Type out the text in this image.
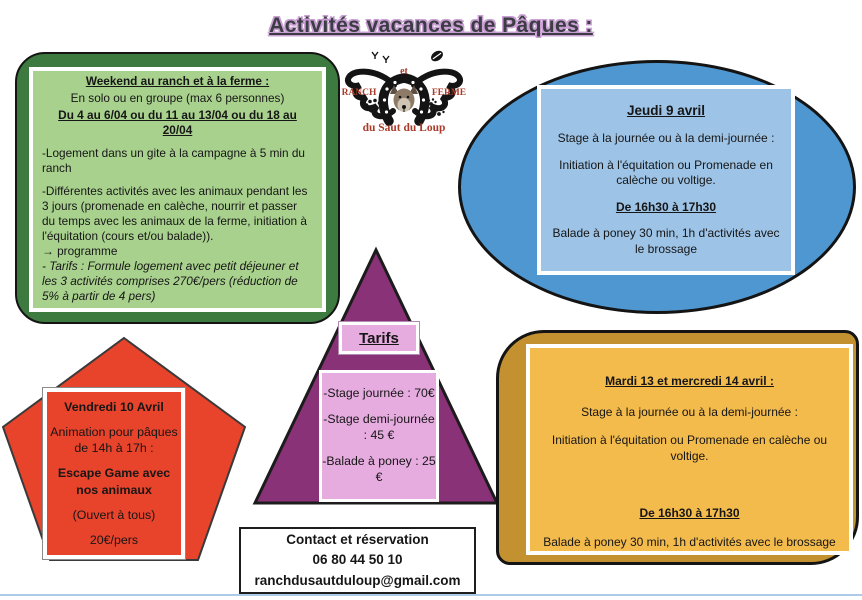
Activités vacances de Pâques :
Weekend au ranch et à la ferme :
En solo ou en groupe (max 6 personnes)
Du 4 au 6/04 ou du 11 au 13/04 ou du 18 au 20/04
-Logement dans un gite à la campagne à 5 min du ranch
-Différentes activités avec les animaux pendant les 3 jours (promenade en calèche, nourrir et passer du temps avec les animaux de la ferme, initiation à l'équitation (cours et/ou balade)).
→ programme
- Tarifs : Formule logement avec petit déjeuner et les 3 activités comprises 270€/pers (réduction de 5% à partir de 4 pers)
RANCH
et
FERME
du Saut du Loup
Jeudi 9 avril
Stage à la journée ou à la demi-journée :
Initiation à l'équitation ou Promenade en calèche ou voltige.
De 16h30 à 17h30
Balade à poney 30 min, 1h d'activités avec le brossage
Tarifs
-Stage journée : 70€
-Stage demi-journée : 45 €
-Balade à poney : 25 €
Vendredi 10 Avril
Animation pour pâques de 14h à 17h :
Escape Game avec nos animaux
(Ouvert à tous)
20€/pers
Mardi 13 et mercredi 14 avril :
Stage à la journée ou à la demi-journée :
Initiation à l'équitation ou Promenade en calèche ou voltige.
De 16h30 à 17h30
Balade à poney 30 min, 1h d'activités avec le brossage
Contact et réservation
06 80 44 50 10
ranchdusautduloup@gmail.com
